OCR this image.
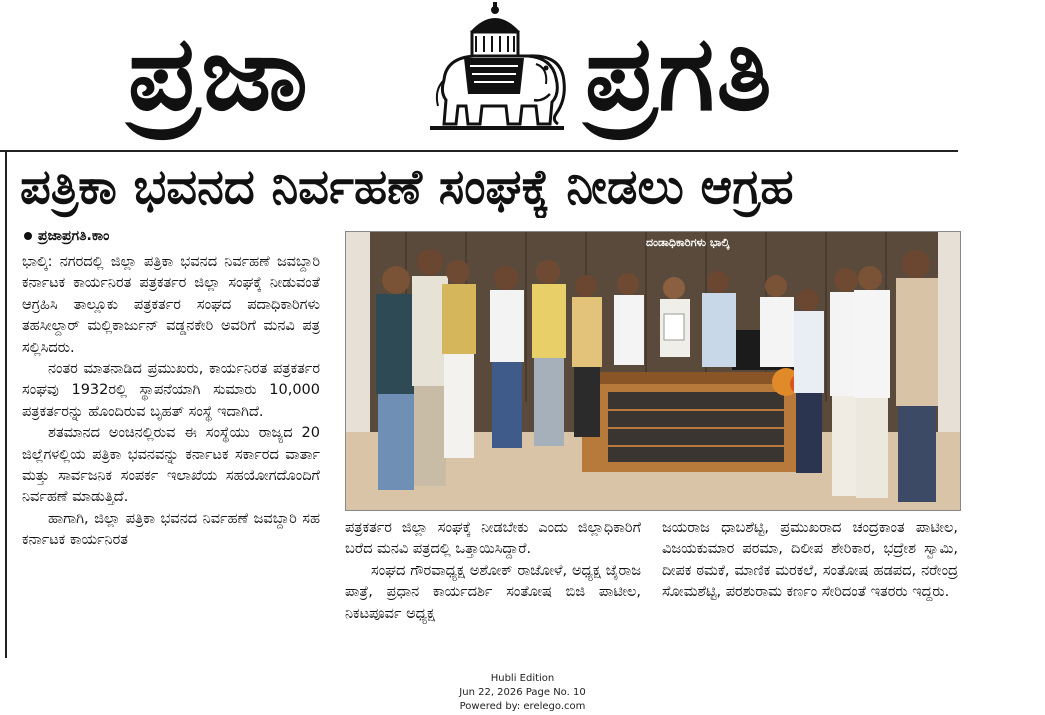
ಪ್ರಜಾ	ಪ್ರಗತಿ
ಪತ್ರಿಕಾ ಭವನದ ನಿರ್ವಹಣೆ ಸಂಘಕ್ಕೆ ನೀಡಲು ಆಗ್ರಹ
ಪ್ರಜಾಪ್ರಗತಿ.ಕಾಂ

ಭಾಲ್ಕಿ: ನಗರದಲ್ಲಿ ಜಿಲ್ಲಾ ಪತ್ರಿಕಾ ಭವನದ ನಿರ್ವಹಣೆ ಜವಬ್ದಾರಿ ಕರ್ನಾಟಕ ಕಾರ್ಯನಿರತ ಪತ್ರಕರ್ತರ ಜಿಲ್ಲಾ ಸಂಘಕ್ಕೆ ನೀಡುವಂತೆ ಆಗ್ರಹಿಸಿ ತಾಲ್ಲೂಕು ಪತ್ರಕರ್ತರ ಸಂಘದ ಪದಾಧಿಕಾರಿಗಳು ತಹಸೀಲ್ದಾರ್ ಮಲ್ಲಿಕಾರ್ಜುನ್ ವಡ್ಡನಕೇರಿ ಅವರಿಗೆ ಮನವಿ ಪತ್ರ ಸಲ್ಲಿಸಿದರು.

ನಂತರ ಮಾತನಾಡಿದ ಪ್ರಮುಖರು, ಕಾರ್ಯನಿರತ ಪತ್ರಕರ್ತರ ಸಂಘವು 1932ರಲ್ಲಿ ಸ್ಥಾಪನೆಯಾಗಿ ಸುಮಾರು 10,000 ಪತ್ರಕರ್ತರನ್ನು ಹೊಂದಿರುವ ಬೃಹತ್ ಸಂಸ್ಥೆ ಇದಾಗಿದೆ.

ಶತಮಾನದ ಅಂಚಿನಲ್ಲಿರುವ ಈ ಸಂಸ್ಥೆಯು ರಾಜ್ಯದ 20 ಜಿಲ್ಲೆಗಳಲ್ಲಿಯ ಪತ್ರಿಕಾ ಭವನವನ್ನು ಕರ್ನಾಟಕ ಸರ್ಕಾರದ ವಾರ್ತಾ ಮತ್ತು ಸಾರ್ವಜನಿಕ ಸಂಪರ್ಕ ಇಲಾಖೆಯ ಸಹಯೋಗದೊಂದಿಗೆ ನಿರ್ವಹಣೆ ಮಾಡುತ್ತಿದೆ.

ಹಾಗಾಗಿ, ಜಿಲ್ಲಾ ಪತ್ರಿಕಾ ಭವನದ ನಿರ್ವಹಣೆ ಜವಬ್ದಾರಿ ಸಹ ಕರ್ನಾಟಕ ಕಾರ್ಯನಿರತ

ದಂಡಾಧಿಕಾರಿಗಳು ಭಾಲ್ಕಿ

ಪತ್ರಕರ್ತರ ಜಿಲ್ಲಾ ಸಂಘಕ್ಕೆ ನೀಡಬೇಕು ಎಂದು ಜಿಲ್ಲಾಧಿಕಾರಿಗೆ ಬರೆದ ಮನವಿ ಪತ್ರದಲ್ಲಿ ಒತ್ತಾಯಿಸಿದ್ದಾರೆ.

ಸಂಘದ ಗೌರವಾಧ್ಯಕ್ಷ ಅಶೋಕ್ ರಾಜೋಳೆ, ಅಧ್ಯಕ್ಷ ಜೈರಾಜ ಪಾತ್ರೆ, ಪ್ರಧಾನ ಕಾರ್ಯದರ್ಶಿ ಸಂತೋಷ ಬಿಜಿ ಪಾಟೀಲ, ನಿಕಟಪೂರ್ವ ಅಧ್ಯಕ್ಷ

ಜಯರಾಜ ಧಾಬಶೆಟ್ಟಿ, ಪ್ರಮುಖರಾದ ಚಂದ್ರಕಾಂತ ಪಾಟೀಲ, ವಿಜಯಕುಮಾರ ಪರಮಾ, ದಿಲೀಪ ಶೇರಿಕಾರ, ಭದ್ರೇಶ ಸ್ವಾಮಿ, ದೀಪಕ ಠಮಕೆ, ಮಾಣಿಕ ಮರಕಲೆ, ಸಂತೋಷ ಹಡಪದ, ನರೇಂದ್ರ ಸೋಮಶೆಟ್ಟಿ, ಪರಶುರಾಮ ಕರ್ಣಂ ಸೇರಿದಂತೆ ಇತರರು ಇದ್ದರು.

Hubli Edition
Jun 22, 2026 Page No. 10
Powered by: erelego.com
